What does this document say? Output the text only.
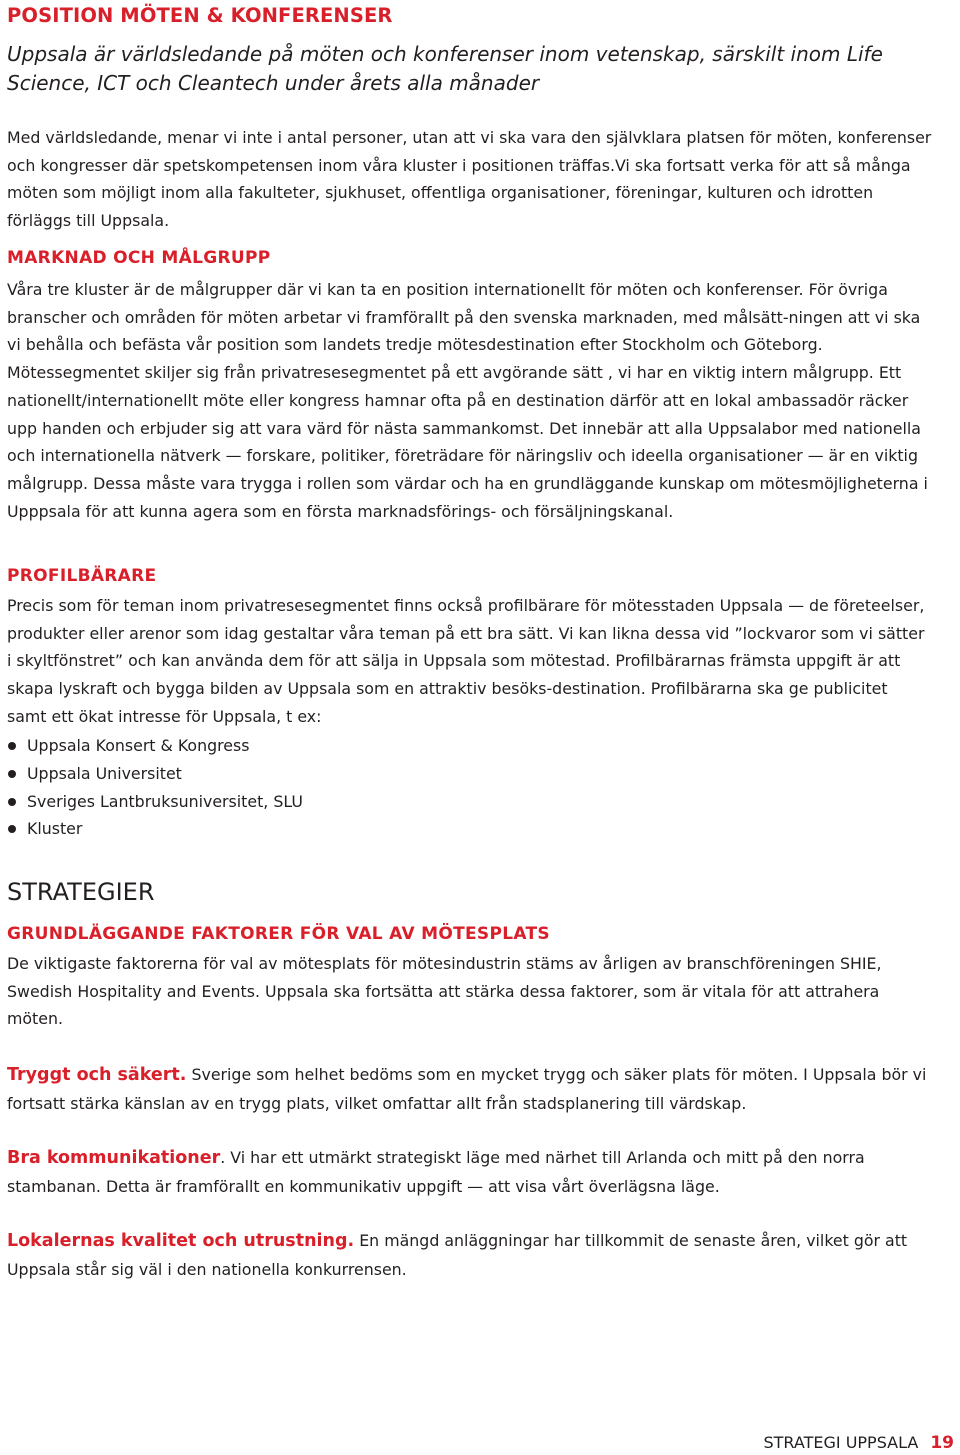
POSITION MÖTEN & KONFERENSER

Uppsala är världsledande på möten och konferenser inom vetenskap, särskilt inom Life Science, ICT och Cleantech under årets alla månader

Med världsledande, menar vi inte i antal personer, utan att vi ska vara den självklara platsen för möten, konferenser och kongresser där spetskompetensen inom våra kluster i positionen träffas.Vi ska fortsatt verka för att så många möten som möjligt inom alla fakulteter, sjukhuset, offentliga organisationer, föreningar, kulturen och idrotten förläggs till Uppsala.

MARKNAD OCH MÅLGRUPP

Våra tre kluster är de målgrupper där vi kan ta en position internationellt för möten och konferenser. För övriga branscher och områden för möten arbetar vi framförallt på den svenska marknaden, med målsätt-ningen att vi ska vi behålla och befästa vår position som landets tredje mötesdestination efter Stockholm och Göteborg. Mötessegmentet skiljer sig från privatresesegmentet på ett avgörande sätt , vi har en viktig intern målgrupp. Ett nationellt/internationellt möte eller kongress hamnar ofta på en destination därför att en lokal ambassadör räcker upp handen och erbjuder sig att vara värd för nästa sammankomst. Det innebär att alla Uppsalabor med nationella och internationella nätverk — forskare, politiker, företrädare för näringsliv och ideella organisationer — är en viktig målgrupp. Dessa måste vara trygga i rollen som värdar och ha en grundläggande kunskap om mötesmöjligheterna i Upppsala för att kunna agera som en första marknadsförings- och försäljningskanal.

PROFILBÄRARE

Precis som för teman inom privatresesegmentet finns också profilbärare för mötesstaden Uppsala — de företeelser, produkter eller arenor som idag gestaltar våra teman på ett bra sätt. Vi kan likna dessa vid ”lockvaror som vi sätter i skyltfönstret” och kan använda dem för att sälja in Uppsala som mötestad. Profilbärarnas främsta uppgift är att skapa lyskraft och bygga bilden av Uppsala som en attraktiv besöks-destination. Profilbärarna ska ge publicitet samt ett ökat intresse för Uppsala, t ex:

Uppsala Konsert & Kongress
Uppsala Universitet
Sveriges Lantbruksuniversitet, SLU
Kluster
STRATEGIER
GRUNDLÄGGANDE FAKTORER FÖR VAL AV MÖTESPLATS

De viktigaste faktorerna för val av mötesplats för mötesindustrin stäms av årligen av branschföreningen SHIE, Swedish Hospitality and Events. Uppsala ska fortsätta att stärka dessa faktorer, som är vitala för att attrahera möten.

Tryggt och säkert. Sverige som helhet bedöms som en mycket trygg och säker plats för möten. I Uppsala bör vi fortsatt stärka känslan av en trygg plats, vilket omfattar allt från stadsplanering till värdskap.

Bra kommunikationer. Vi har ett utmärkt strategiskt läge med närhet till Arlanda och mitt på den norra stambanan. Detta är framförallt en kommunikativ uppgift — att visa vårt överlägsna läge.

Lokalernas kvalitet och utrustning. En mängd anläggningar har tillkommit de senaste åren, vilket gör att Uppsala står sig väl i den nationella konkurrensen.

STRATEGI UPPSALA 19
